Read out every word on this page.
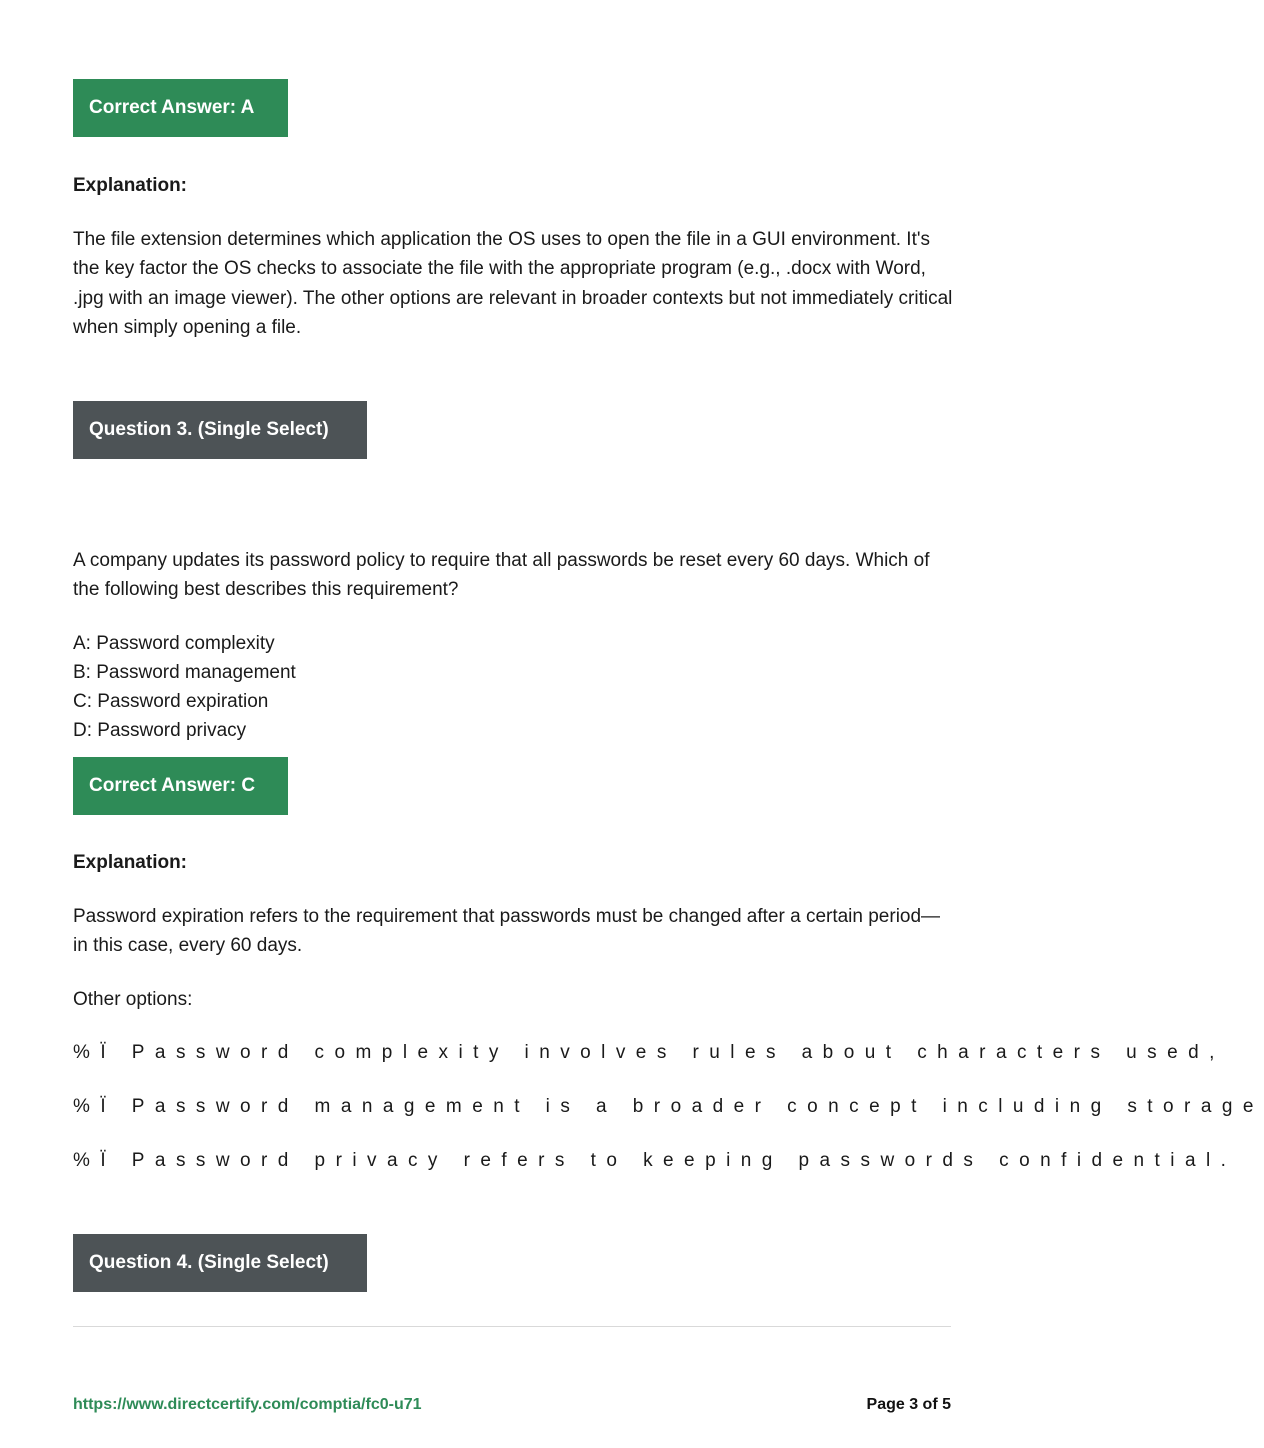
Correct Answer: A

Explanation:

The file extension determines which application the OS uses to open the file in a GUI environment. It's the key factor the OS checks to associate the file with the appropriate program (e.g., .docx with Word, .jpg with an image viewer). The other options are relevant in broader contexts but not immediately critical when simply opening a file.

Question 3. (Single Select)

A company updates its password policy to require that all passwords be reset every 60 days. Which of the following best describes this requirement?

A: Password complexity

B: Password management

C: Password expiration

D: Password privacy

Correct Answer: C

Explanation:

Password expiration refers to the requirement that passwords must be changed after a certain period—in this case, every 60 days.

Other options:

%Ï Password complexity involves rules about characters used,

%Ï Password management is a broader concept including storage

%Ï Password privacy refers to keeping passwords confidential.

Question 4. (Single Select)
https://www.directcertify.com/comptia/fc0-u71	Page 3 of 5
